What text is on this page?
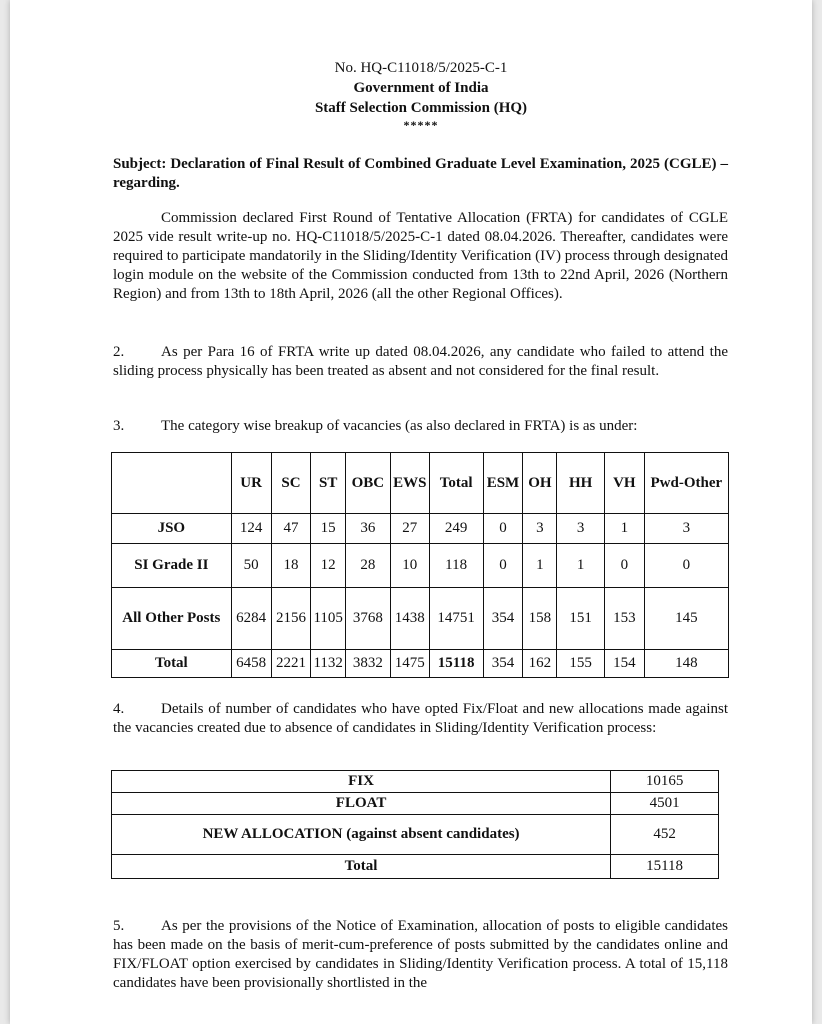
No. HQ-C11018/5/2025-C-1
Government of India
Staff Selection Commission (HQ)
*****
Subject: Declaration of Final Result of Combined Graduate Level Examination, 2025 (CGLE) – regarding.
Commission declared First Round of Tentative Allocation (FRTA) for candidates of CGLE 2025 vide result write-up no. HQ-C11018/5/2025-C-1 dated 08.04.2026. Thereafter, candidates were required to participate mandatorily in the Sliding/Identity Verification (IV) process through designated login module on the website of the Commission conducted from 13th to 22nd April, 2026 (Northern Region) and from 13th to 18th April, 2026 (all the other Regional Offices).
2. As per Para 16 of FRTA write up dated 08.04.2026, any candidate who failed to attend the sliding process physically has been treated as absent and not considered for the final result.
3. The category wise breakup of vacancies (as also declared in FRTA) is as under:
	UR	SC	ST	OBC	EWS	Total	ESM	OH	HH	VH	Pwd-Other
JSO	124	47	15	36	27	249	0	3	3	1	3
SI Grade II	50	18	12	28	10	118	0	1	1	0	0
All Other Posts	6284	2156	1105	3768	1438	14751	354	158	151	153	145
Total	6458	2221	1132	3832	1475	15118	354	162	155	154	148
4. Details of number of candidates who have opted Fix/Float and new allocations made against the vacancies created due to absence of candidates in Sliding/Identity Verification process:
FIX	10165
FLOAT	4501
NEW ALLOCATION (against absent candidates)	452
Total	15118
5. As per the provisions of the Notice of Examination, allocation of posts to eligible candidates has been made on the basis of merit-cum-preference of posts submitted by the candidates online and FIX/FLOAT option exercised by candidates in Sliding/Identity Verification process. A total of 15,118 candidates have been provisionally shortlisted in the
